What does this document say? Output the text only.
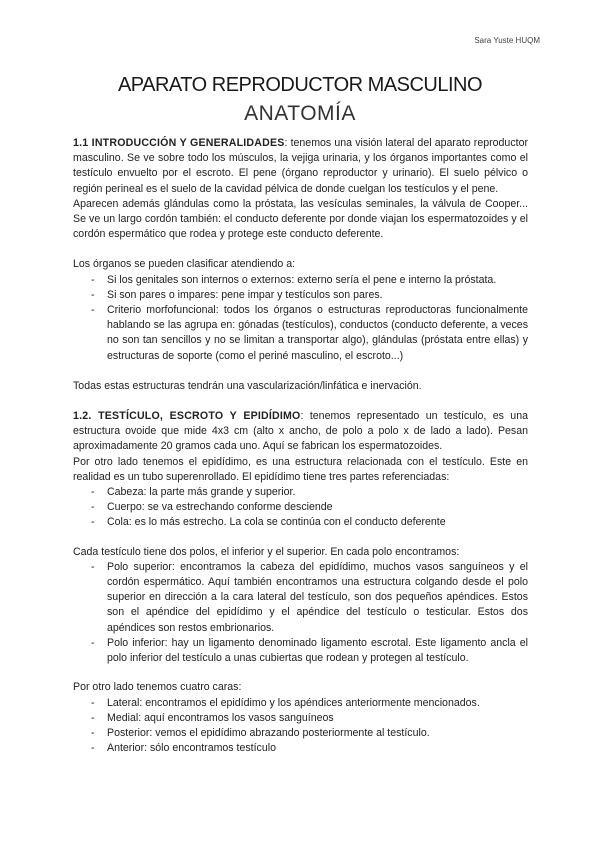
Sara Yuste HUQM
APARATO REPRODUCTOR MASCULINO
ANATOMÍA

1.1 INTRODUCCIÓN Y GENERALIDADES: tenemos una visión lateral del aparato reproductor masculino. Se ve sobre todo los músculos, la vejiga urinaria, y los órganos importantes como el testículo envuelto por el escroto. El pene (órgano reproductor y urinario). El suelo pélvico o región perineal es el suelo de la cavidad pélvica de donde cuelgan los testículos y el pene.

Aparecen además glándulas como la próstata, las vesículas seminales, la válvula de Cooper... Se ve un largo cordón también: el conducto deferente por donde viajan los espermatozoides y el cordón espermático que rodea y protege este conducto deferente.

Los órganos se pueden clasificar atendiendo a:

- Si los genitales son internos o externos: externo sería el pene e interno la próstata.
- Si son pares o impares: pene impar y testículos son pares.
- Criterio morfofuncional: todos los órganos o estructuras reproductoras funcionalmente hablando se las agrupa en: gónadas (testículos), conductos (conducto deferente, a veces no son tan sencillos y no se limitan a transportar algo), glándulas (próstata entre ellas) y estructuras de soporte (como el periné masculino, el escroto...)

Todas estas estructuras tendrán una vascularización/linfática e inervación.

1.2. TESTÍCULO, ESCROTO Y EPIDÍDIMO: tenemos representado un testículo, es una estructura ovoide que mide 4x3 cm (alto x ancho, de polo a polo x de lado a lado). Pesan aproximadamente 20 gramos cada uno. Aquí se fabrican los espermatozoides.

Por otro lado tenemos el epidídimo, es una estructura relacionada con el testículo. Este en realidad es un tubo superenrollado. El epidídimo tiene tres partes referenciadas:

- Cabeza: la parte más grande y superior.
- Cuerpo: se va estrechando conforme desciende
- Cola: es lo más estrecho. La cola se continúa con el conducto deferente

Cada testículo tiene dos polos, el inferior y el superior. En cada polo encontramos:

- Polo superior: encontramos la cabeza del epidídimo, muchos vasos sanguíneos y el cordón espermático. Aquí también encontramos una estructura colgando desde el polo superior en dirección a la cara lateral del testículo, son dos pequeños apéndices. Estos son el apéndice del epidídimo y el apéndice del testículo o testicular. Estos dos apéndices son restos embrionarios.
- Polo inferior: hay un ligamento denominado ligamento escrotal. Este ligamento ancla el polo inferior del testículo a unas cubiertas que rodean y protegen al testículo.

Por otro lado tenemos cuatro caras:

- Lateral: encontramos el epidídimo y los apéndices anteriormente mencionados.
- Medial: aquí encontramos los vasos sanguíneos
- Posterior: vemos el epidídimo abrazando posteriormente al testículo.
- Anterior: sólo encontramos testículo
